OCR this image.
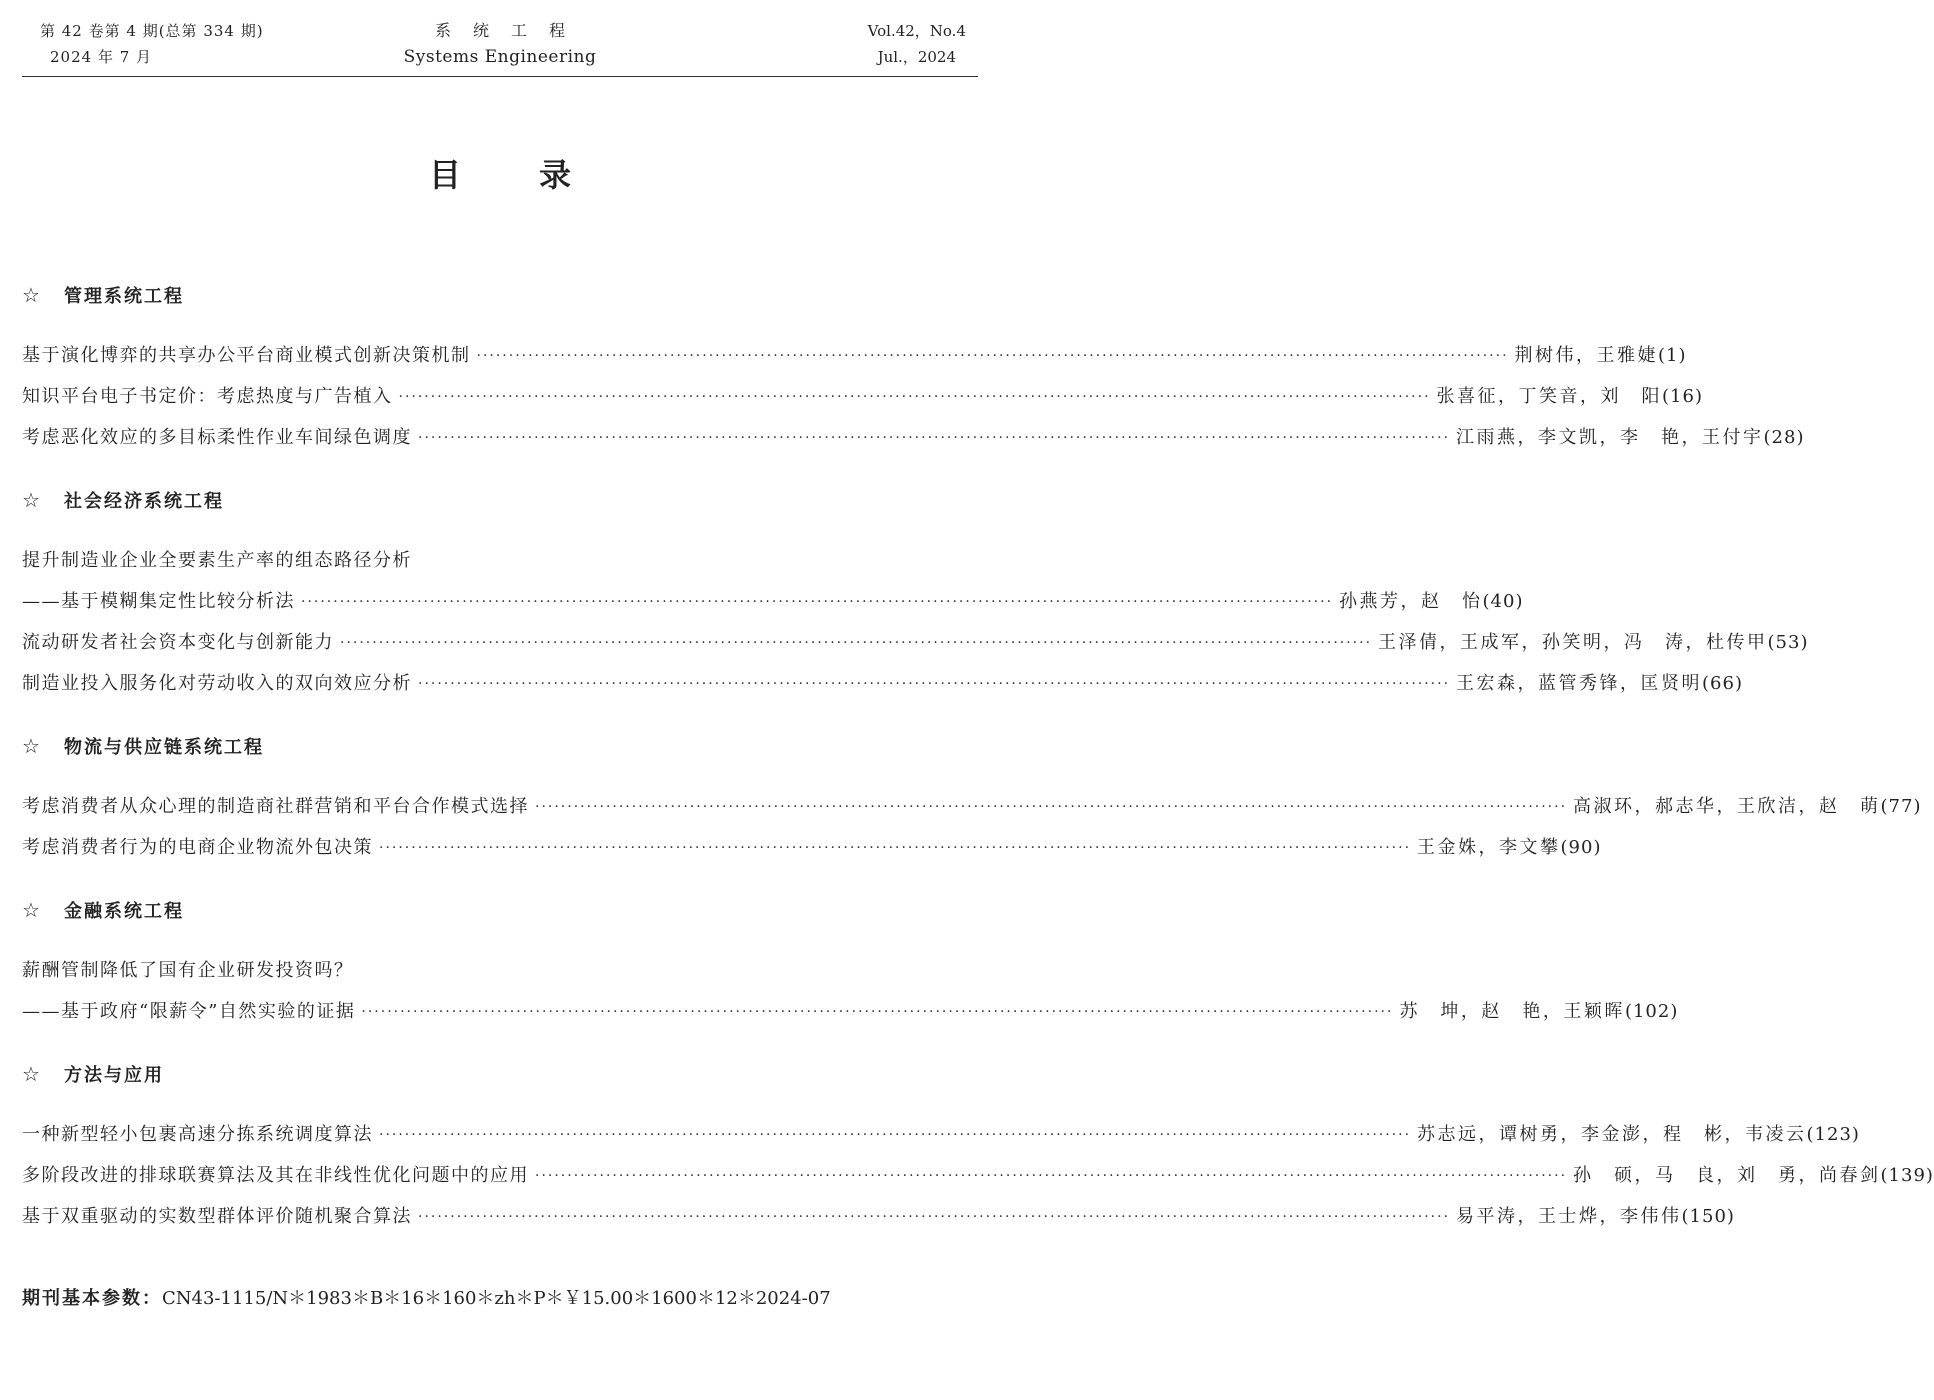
第 42 卷第 4 期(总第 334 期)
2024 年 7 月
系统工程
Systems Engineering
Vol.42，No.4
Jul.，2024
目录
☆ 管理系统工程
基于演化博弈的共享办公平台商业模式创新决策机制 ································································································································································ 荆树伟，王雅婕 (1)
知识平台电子书定价：考虑热度与广告植入 ································································································································································ 张喜征，丁笑音，刘　阳 (16)
考虑恶化效应的多目标柔性作业车间绿色调度 ································································································································································ 江雨燕，李文凯，李　艳，王付宇 (28)
☆ 社会经济系统工程
提升制造业企业全要素生产率的组态路径分析
——基于模糊集定性比较分析法 ································································································································································ 孙燕芳，赵　怡 (40)
流动研发者社会资本变化与创新能力 ································································································································································ 王泽倩，王成军，孙笑明，冯　涛，杜传甲 (53)
制造业投入服务化对劳动收入的双向效应分析 ································································································································································ 王宏森，蓝管秀锋，匡贤明 (66)
☆ 物流与供应链系统工程
考虑消费者从众心理的制造商社群营销和平台合作模式选择 ································································································································································ 高淑环，郝志华，王欣洁，赵　萌 (77)
考虑消费者行为的电商企业物流外包决策 ································································································································································ 王金姝，李文攀 (90)
☆ 金融系统工程
薪酬管制降低了国有企业研发投资吗？
——基于政府“限薪令”自然实验的证据 ································································································································································ 苏　坤，赵　艳，王颖晖 (102)
☆ 方法与应用
一种新型轻小包裹高速分拣系统调度算法 ································································································································································ 苏志远，谭树勇，李金澎，程　彬，韦凌云 (123)
多阶段改进的排球联赛算法及其在非线性优化问题中的应用 ································································································································································ 孙　硕，马　良，刘　勇，尚春剑 (139)
基于双重驱动的实数型群体评价随机聚合算法 ································································································································································ 易平涛，王士烨，李伟伟 (150)
期刊基本参数：CN43-1115/N＊1983＊B＊16＊160＊zh＊P＊￥15.00＊1600＊12＊2024-07
